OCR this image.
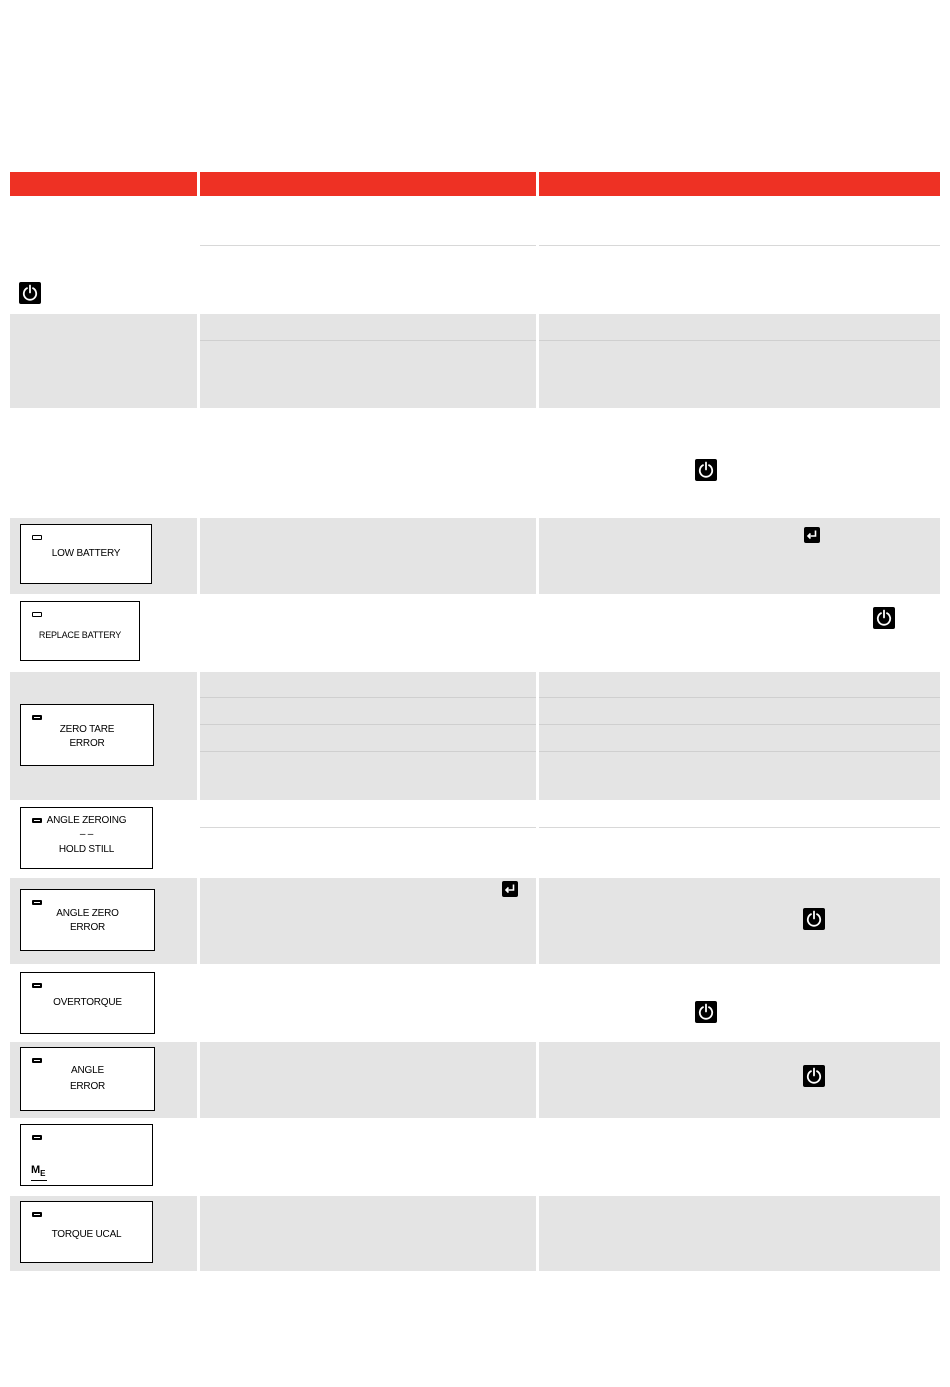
LOW BATTERY
REPLACE BATTERY
ZERO TARE
ERROR
ANGLE ZEROING
– –
HOLD STILL
ANGLE ZERO
ERROR
OVERTORQUE
ANGLE
ERROR
$M_E$
TORQUE UCAL
